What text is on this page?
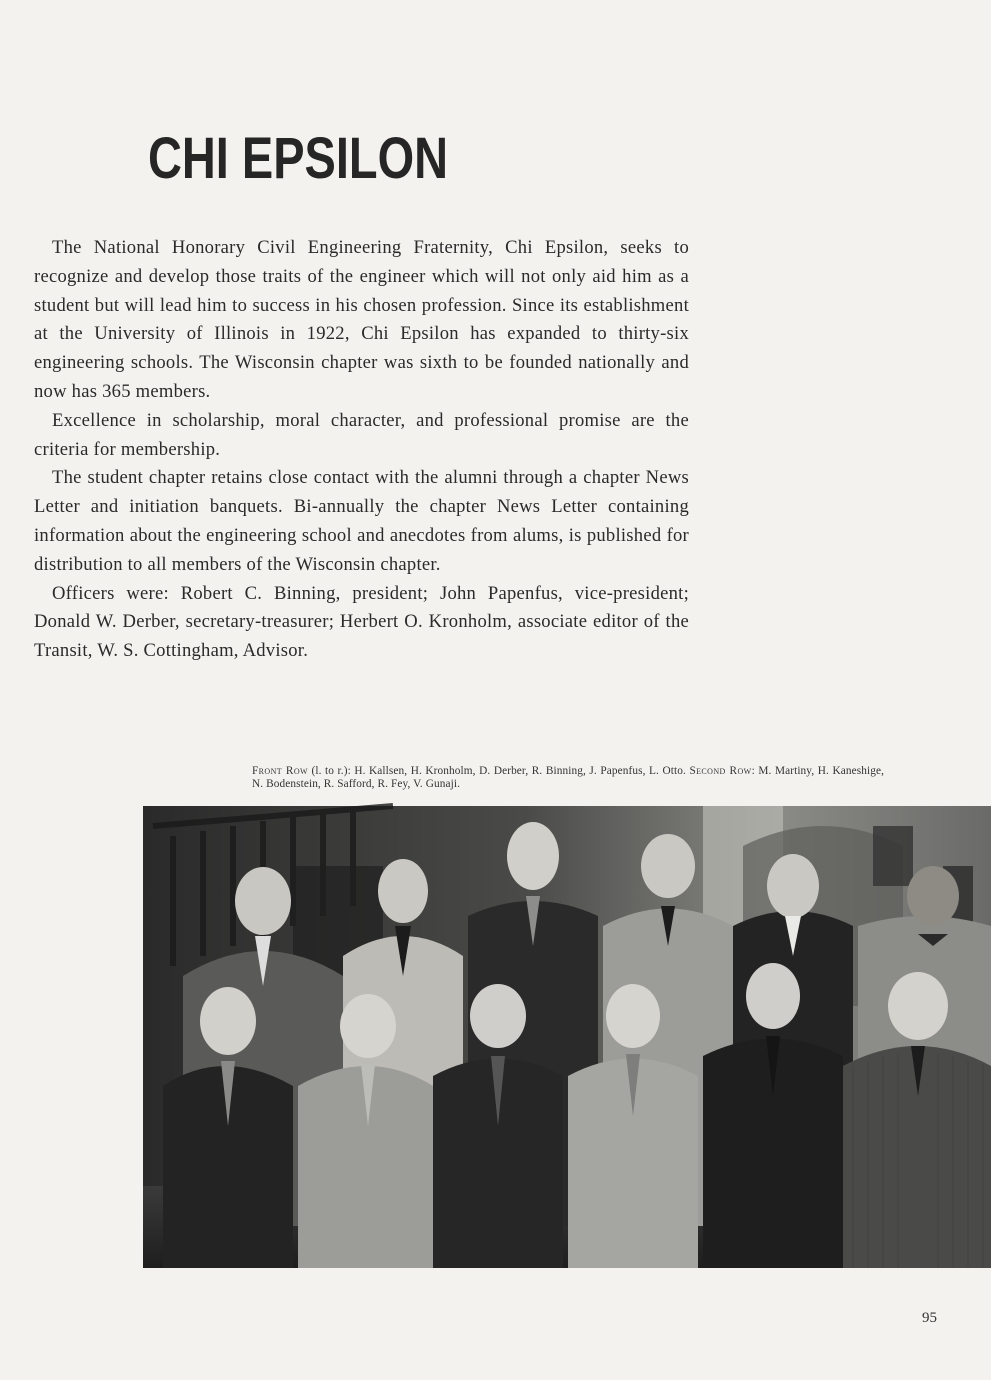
CHI EPSILON

The National Honorary Civil Engineering Fraternity, Chi Epsilon, seeks to recognize and develop those traits of the engineer which will not only aid him as a student but will lead him to success in his chosen profession. Since its establishment at the University of Illinois in 1922, Chi Epsilon has expanded to thirty-six engineering schools. The Wisconsin chapter was sixth to be founded nationally and now has 365 members.

Excellence in scholarship, moral character, and professional promise are the criteria for membership.

The student chapter retains close contact with the alumni through a chapter News Letter and initiation banquets. Bi-annually the chapter News Letter containing information about the engineering school and anecdotes from alums, is published for distribution to all members of the Wisconsin chapter.

Officers were: Robert C. Binning, president; John Papenfus, vice-president; Donald W. Derber, secretary-treasurer; Herbert O. Kronholm, associate editor of the Transit, W. S. Cottingham, Advisor.

Front Row (l. to r.): H. Kallsen, H. Kronholm, D. Derber, R. Binning, J. Papenfus, L. Otto. Second Row: M. Martiny, H. Kaneshige, N. Bodenstein, R. Safford, R. Fey, V. Gunaji.
95
